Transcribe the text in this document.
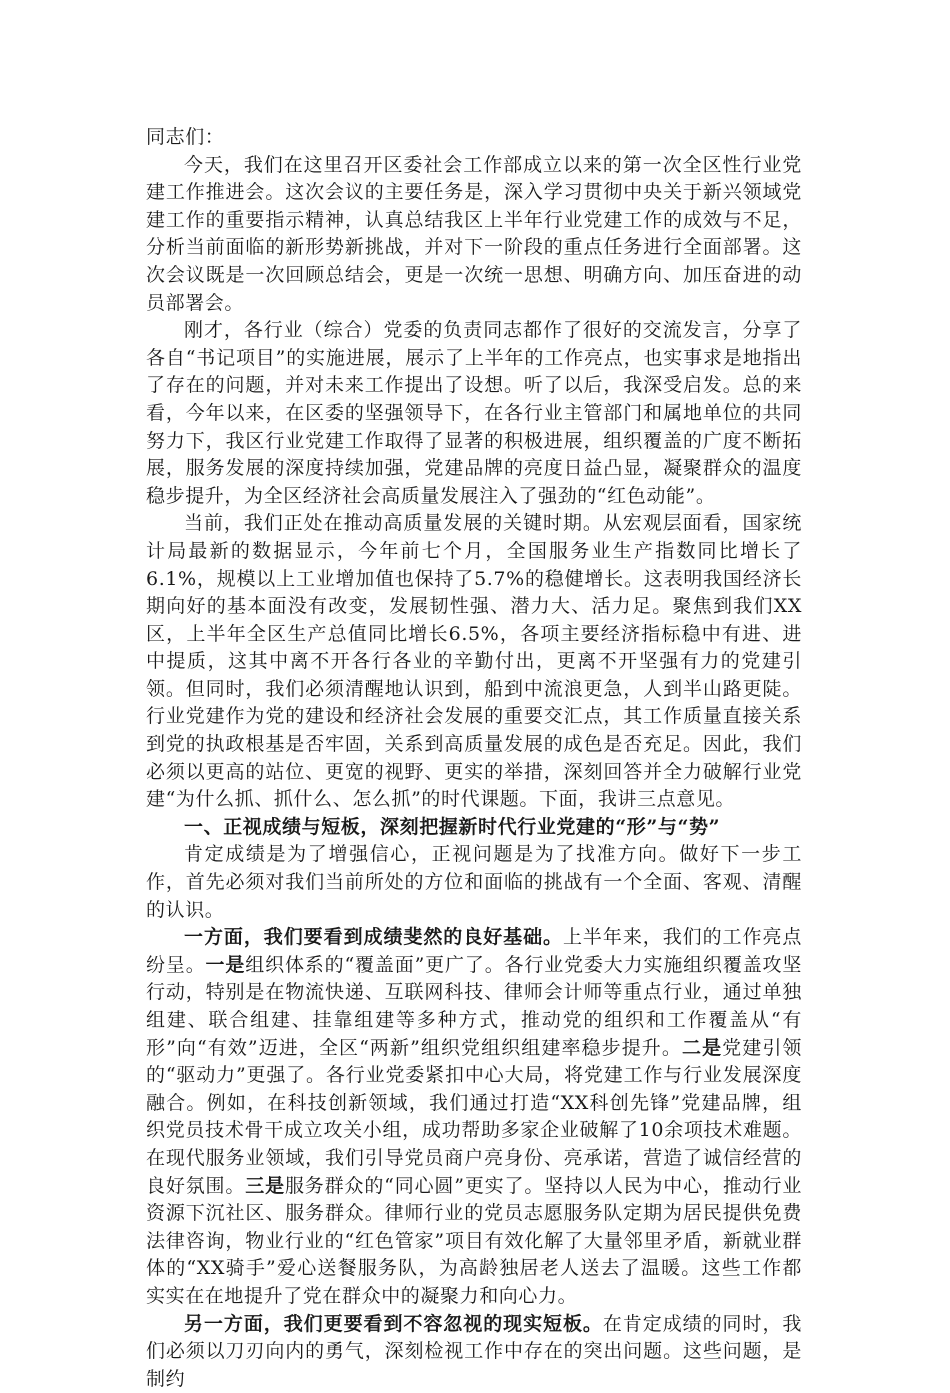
同志们：

今天，我们在这里召开区委社会工作部成立以来的第一次全区性行业党建工作推进会。这次会议的主要任务是，深入学习贯彻中央关于新兴领域党建工作的重要指示精神，认真总结我区上半年行业党建工作的成效与不足，分析当前面临的新形势新挑战，并对下一阶段的重点任务进行全面部署。这次会议既是一次回顾总结会，更是一次统一思想、明确方向、加压奋进的动员部署会。

刚才，各行业（综合）党委的负责同志都作了很好的交流发言，分享了各自“书记项目”的实施进展，展示了上半年的工作亮点，也实事求是地指出了存在的问题，并对未来工作提出了设想。听了以后，我深受启发。总的来看，今年以来，在区委的坚强领导下，在各行业主管部门和属地单位的共同努力下，我区行业党建工作取得了显著的积极进展，组织覆盖的广度不断拓展，服务发展的深度持续加强，党建品牌的亮度日益凸显，凝聚群众的温度稳步提升，为全区经济社会高质量发展注入了强劲的“红色动能”。

当前，我们正处在推动高质量发展的关键时期。从宏观层面看，国家统计局最新的数据显示，今年前七个月，全国服务业生产指数同比增长了6.1%，规模以上工业增加值也保持了5.7%的稳健增长。这表明我国经济长期向好的基本面没有改变，发展韧性强、潜力大、活力足。聚焦到我们XX区，上半年全区生产总值同比增长6.5%，各项主要经济指标稳中有进、进中提质，这其中离不开各行各业的辛勤付出，更离不开坚强有力的党建引领。但同时，我们必须清醒地认识到，船到中流浪更急，人到半山路更陡。行业党建作为党的建设和经济社会发展的重要交汇点，其工作质量直接关系到党的执政根基是否牢固，关系到高质量发展的成色是否充足。因此，我们必须以更高的站位、更宽的视野、更实的举措，深刻回答并全力破解行业党建“为什么抓、抓什么、怎么抓”的时代课题。下面，我讲三点意见。

一、正视成绩与短板，深刻把握新时代行业党建的“形”与“势”

肯定成绩是为了增强信心，正视问题是为了找准方向。做好下一步工作，首先必须对我们当前所处的方位和面临的挑战有一个全面、客观、清醒的认识。

一方面，我们要看到成绩斐然的良好基础。上半年来，我们的工作亮点纷呈。一是组织体系的“覆盖面”更广了。各行业党委大力实施组织覆盖攻坚行动，特别是在物流快递、互联网科技、律师会计师等重点行业，通过单独组建、联合组建、挂靠组建等多种方式，推动党的组织和工作覆盖从“有形”向“有效”迈进，全区“两新”组织党组织组建率稳步提升。二是党建引领的“驱动力”更强了。各行业党委紧扣中心大局，将党建工作与行业发展深度融合。例如，在科技创新领域，我们通过打造“XX科创先锋”党建品牌，组织党员技术骨干成立攻关小组，成功帮助多家企业破解了10余项技术难题。在现代服务业领域，我们引导党员商户亮身份、亮承诺，营造了诚信经营的良好氛围。三是服务群众的“同心圆”更实了。坚持以人民为中心，推动行业资源下沉社区、服务群众。律师行业的党员志愿服务队定期为居民提供免费法律咨询，物业行业的“红色管家”项目有效化解了大量邻里矛盾，新就业群体的“XX骑手”爱心送餐服务队，为高龄独居老人送去了温暖。这些工作都实实在在地提升了党在群众中的凝聚力和向心力。

另一方面，我们更要看到不容忽视的现实短板。在肯定成绩的同时，我们必须以刀刃向内的勇气，深刻检视工作中存在的突出问题。这些问题，是制约
